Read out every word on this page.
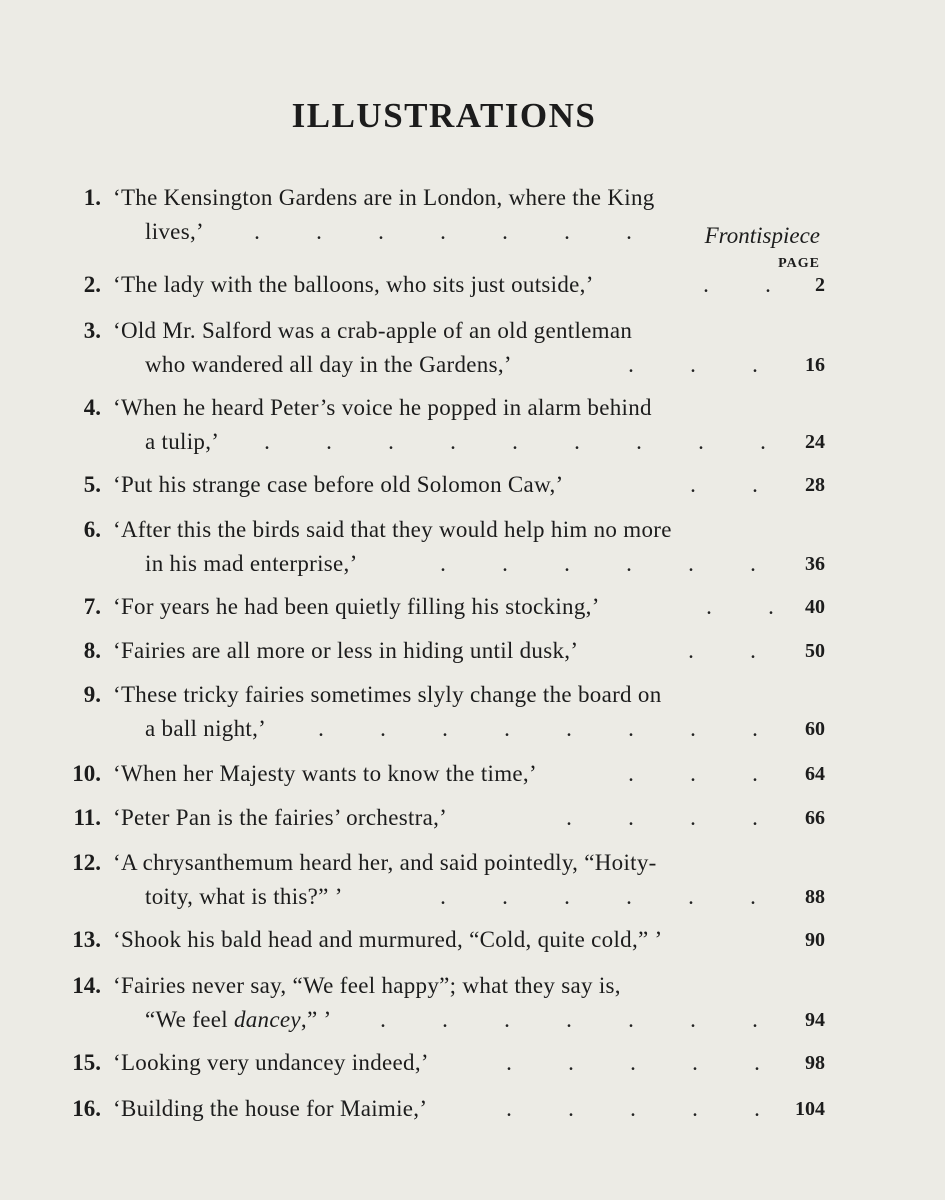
ILLUSTRATIONS
1. ‘The Kensington Gardens are in London, where the King
lives,’	. . . . . . .	Frontispiece
PAGE
2. ‘The lady with the balloons, who sits just outside,’	. .	2
3. ‘Old Mr. Salford was a crab-apple of an old gentleman
who wandered all day in the Gardens,’	. . .	16
4. ‘When he heard Peter’s voice he popped in alarm behind
a tulip,’	. . . . . . . . .	24
5. ‘Put his strange case before old Solomon Caw,’	. .	28
6. ‘After this the birds said that they would help him no more
in his mad enterprise,’	. . . . . .	36
7. ‘For years he had been quietly filling his stocking,’	. .	40
8. ‘Fairies are all more or less in hiding until dusk,’	. .	50
9. ‘These tricky fairies sometimes slyly change the board on
a ball night,’	. . . . . . . .	60
10. ‘When her Majesty wants to know the time,’	. . .	64
11. ‘Peter Pan is the fairies’ orchestra,’	. . . .	66
12. ‘A chrysanthemum heard her, and said pointedly, “Hoity-
toity, what is this?” ’	. . . . . .	88
13. ‘Shook his bald head and murmured, “Cold, quite cold,” ’	90
14. ‘Fairies never say, “We feel happy”; what they say is,
“We feel dancey,” ’	. . . . . . .	94
15. ‘Looking very undancey indeed,’	. . . . .	98
16. ‘Building the house for Maimie,’	. . . . .	104
